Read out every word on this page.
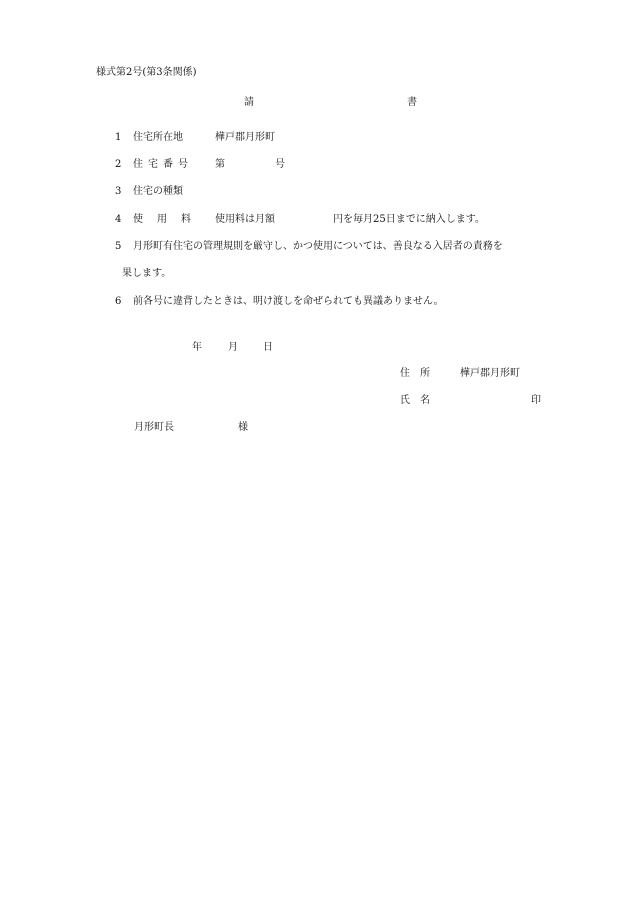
様式第2号(第3条関係)
請	書
1 住宅所在地	樺戸郡月形町
2 住宅番号 第	号
3 住宅の種類
4 使用料 使用料は月額	円を毎月25日までに納入します。
5 月形町有住宅の管理規則を厳守し、かつ使用については、善良なる入居者の責務を
果します。
6 前各号に違背したときは、明け渡しを命ぜられても異議ありません。
年	月	日
住　所	樺戸郡月形町
氏　名	印
月形町長	様
